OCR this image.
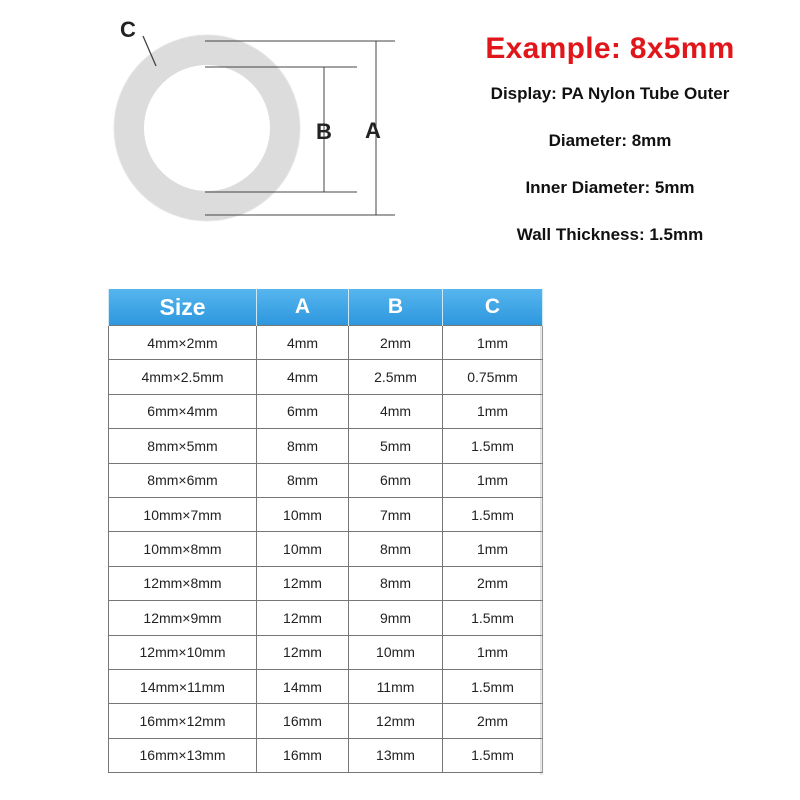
C
B A
Example: 8x5mm
Display: PA Nylon Tube Outer
Diameter: 8mm
Inner Diameter: 5mm
Wall Thickness: 1.5mm
Size	A	B	C
4mm×2mm	4mm	2mm	1mm
4mm×2.5mm	4mm	2.5mm	0.75mm
6mm×4mm	6mm	4mm	1mm
8mm×5mm	8mm	5mm	1.5mm
8mm×6mm	8mm	6mm	1mm
10mm×7mm	10mm	7mm	1.5mm
10mm×8mm	10mm	8mm	1mm
12mm×8mm	12mm	8mm	2mm
12mm×9mm	12mm	9mm	1.5mm
12mm×10mm	12mm	10mm	1mm
14mm×11mm	14mm	11mm	1.5mm
16mm×12mm	16mm	12mm	2mm
16mm×13mm	16mm	13mm	1.5mm
